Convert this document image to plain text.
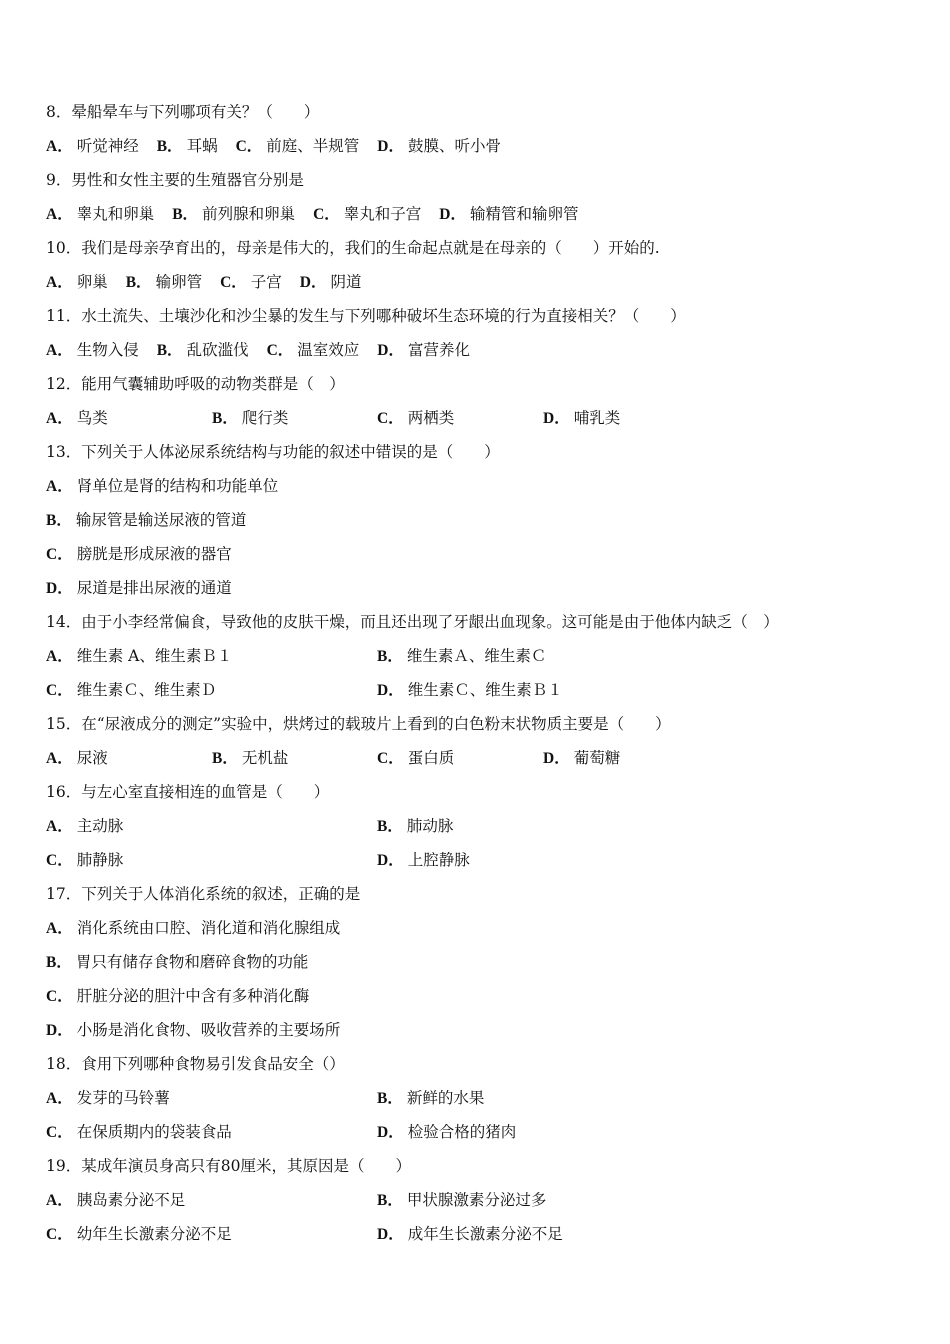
8．晕船晕车与下列哪项有关？（　　）
A． 听觉神经 B． 耳蜗 C． 前庭、半规管 D． 鼓膜、听小骨
9．男性和女性主要的生殖器官分别是
A． 睾丸和卵巢 B． 前列腺和卵巢 C． 睾丸和子宫 D． 输精管和输卵管
10．我们是母亲孕育出的，母亲是伟大的，我们的生命起点就是在母亲的（　　）开始的.
A． 卵巢 B． 输卵管 C． 子宫 D． 阴道
11．水土流失、土壤沙化和沙尘暴的发生与下列哪种破坏生态环境的行为直接相关？（　　）
A． 生物入侵 B． 乱砍滥伐 C． 温室效应 D． 富营养化
12．能用气囊辅助呼吸的动物类群是（　）
A． 鸟类	B． 爬行类	C． 两栖类	D． 哺乳类
13．下列关于人体泌尿系统结构与功能的叙述中错误的是（　　）
A． 肾单位是肾的结构和功能单位
B． 输尿管是输送尿液的管道
C． 膀胱是形成尿液的器官
D． 尿道是排出尿液的通道
14．由于小李经常偏食，导致他的皮肤干燥，而且还出现了牙龈出血现象。这可能是由于他体内缺乏（　）
A． 维生素 A、维生素Ｂ１	B． 维生素Ａ、维生素Ｃ
C． 维生素Ｃ、维生素Ｄ	D． 维生素Ｃ、维生素Ｂ１
15．在“尿液成分的测定”实验中，烘烤过的载玻片上看到的白色粉末状物质主要是（　　）
A． 尿液	B． 无机盐	C． 蛋白质	D． 葡萄糖
16．与左心室直接相连的血管是（　　）
A． 主动脉	B． 肺动脉
C． 肺静脉	D． 上腔静脉
17．下列关于人体消化系统的叙述，正确的是
A． 消化系统由口腔、消化道和消化腺组成
B． 胃只有储存食物和磨碎食物的功能
C． 肝脏分泌的胆汁中含有多种消化酶
D． 小肠是消化食物、吸收营养的主要场所
18．食用下列哪种食物易引发食品安全（）
A． 发芽的马铃薯	B． 新鲜的水果
C． 在保质期内的袋装食品	D． 检验合格的猪肉
19．某成年演员身高只有80厘米，其原因是（　　）
A． 胰岛素分泌不足	B． 甲状腺激素分泌过多
C． 幼年生长激素分泌不足	D． 成年生长激素分泌不足
